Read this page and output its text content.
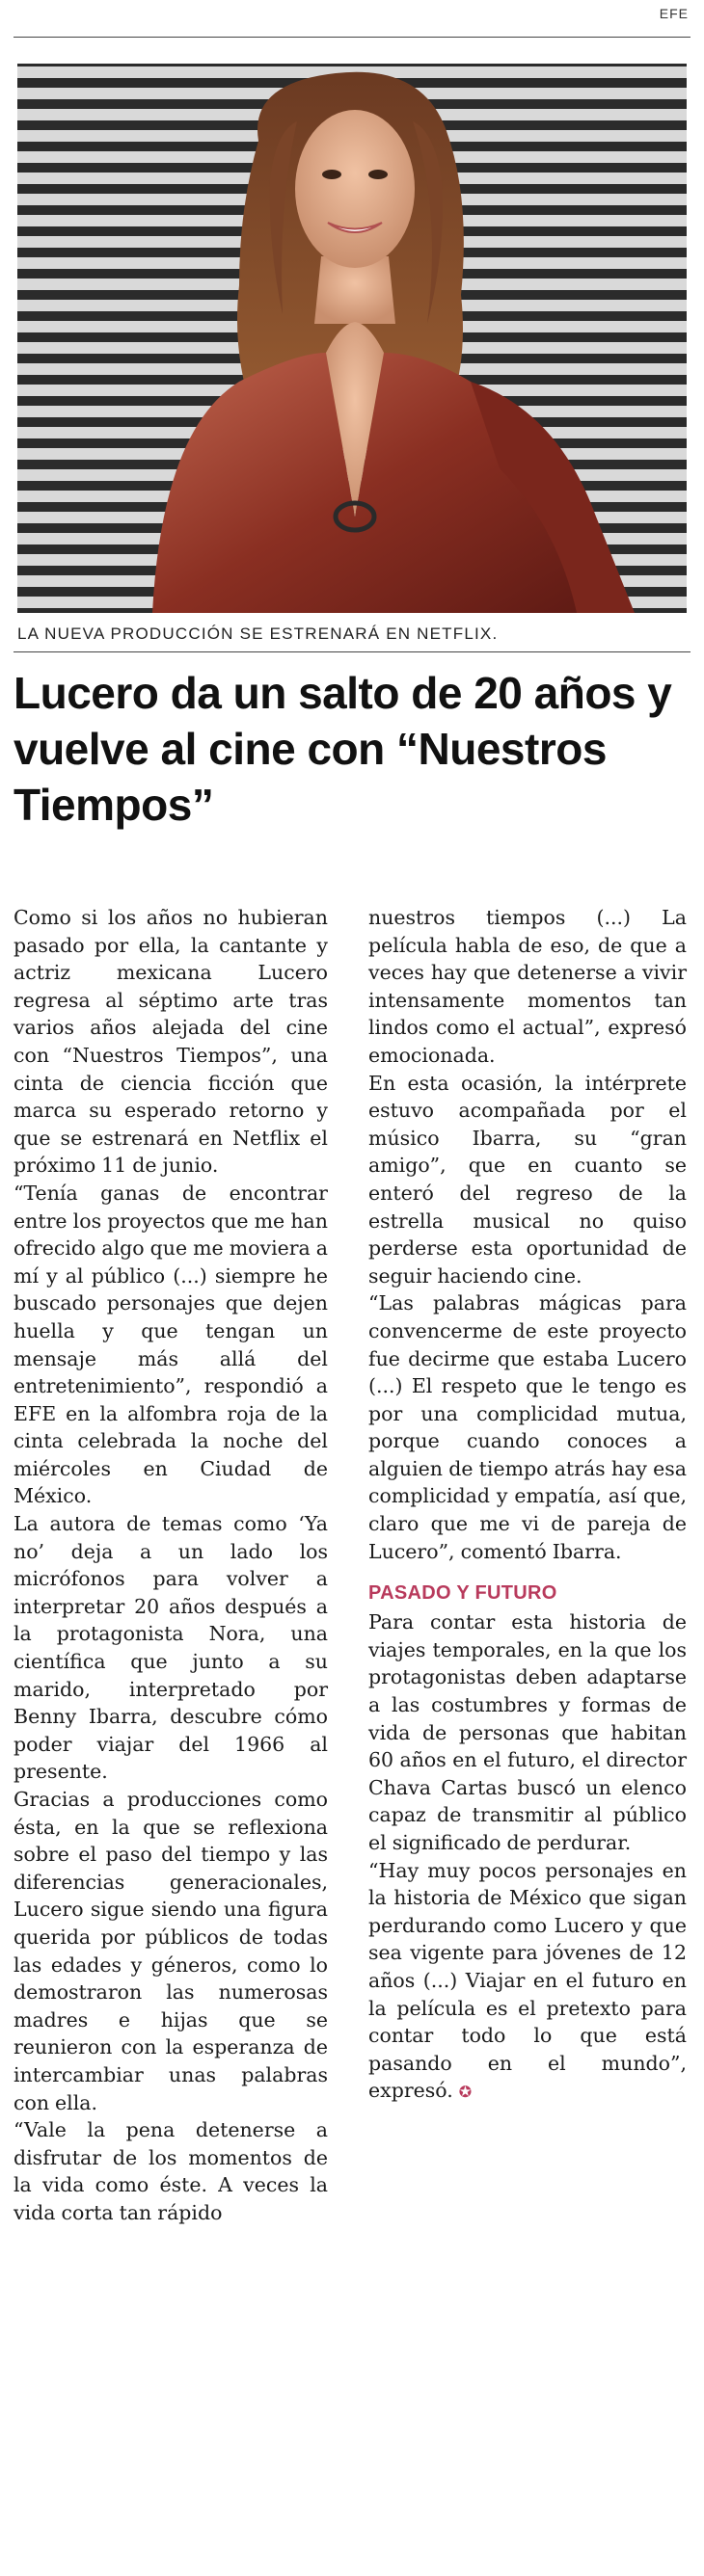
EFE
LA NUEVA PRODUCCIÓN SE ESTRENARÁ EN NETFLIX.
Lucero da un salto de 20 años y vuelve al cine con “Nuestros Tiempos”

Como si los años no hubieran pasado por ella, la cantante y actriz mexicana Lucero regresa al séptimo arte tras varios años alejada del cine con “Nuestros Tiempos”, una cinta de ciencia ficción que marca su esperado retorno y que se estrenará en Netflix el próximo 11 de junio.

“Tenía ganas de encontrar entre los proyectos que me han ofrecido algo que me moviera a mí y al público (...) siempre he buscado personajes que dejen huella y que tengan un mensaje más allá del entretenimiento”, respondió a EFE en la alfombra roja de la cinta celebrada la noche del miércoles en Ciudad de México.

La autora de temas como ‘Ya no’ deja a un lado los micrófonos para volver a interpretar 20 años después a la protagonista Nora, una científica que junto a su marido, interpretado por Benny Ibarra, descubre cómo poder viajar del 1966 al presente.

Gracias a producciones como ésta, en la que se reflexiona sobre el paso del tiempo y las diferencias generacionales, Lucero sigue siendo una figura querida por públicos de todas las edades y géneros, como lo demostraron las numerosas madres e hijas que se reunieron con la esperanza de intercambiar unas palabras con ella.

“Vale la pena detenerse a disfrutar de los momentos de la vida como éste. A veces la vida corta tan rápido

nuestros tiempos (...) La película habla de eso, de que a veces hay que detenerse a vivir intensamente momentos tan lindos como el actual”, expresó emocionada.

En esta ocasión, la intérprete estuvo acompañada por el músico Ibarra, su “gran amigo”, que en cuanto se enteró del regreso de la estrella musical no quiso perderse esta oportunidad de seguir haciendo cine.

“Las palabras mágicas para convencerme de este proyecto fue decirme que estaba Lucero (...) El respeto que le tengo es por una complicidad mutua, porque cuando conoces a alguien de tiempo atrás hay esa complicidad y empatía, así que, claro que me vi de pareja de Lucero”, comentó Ibarra.

PASADO Y FUTURO

Para contar esta historia de viajes temporales, en la que los protagonistas deben adaptarse a las costumbres y formas de vida de personas que habitan 60 años en el futuro, el director Chava Cartas buscó un elenco capaz de transmitir al público el significado de perdurar.

“Hay muy pocos personajes en la historia de México que sigan perdurando como Lucero y que sea vigente para jóvenes de 12 años (...) Viajar en el futuro en la película es el pretexto para contar todo lo que está pasando en el mundo”, expresó. ✪
